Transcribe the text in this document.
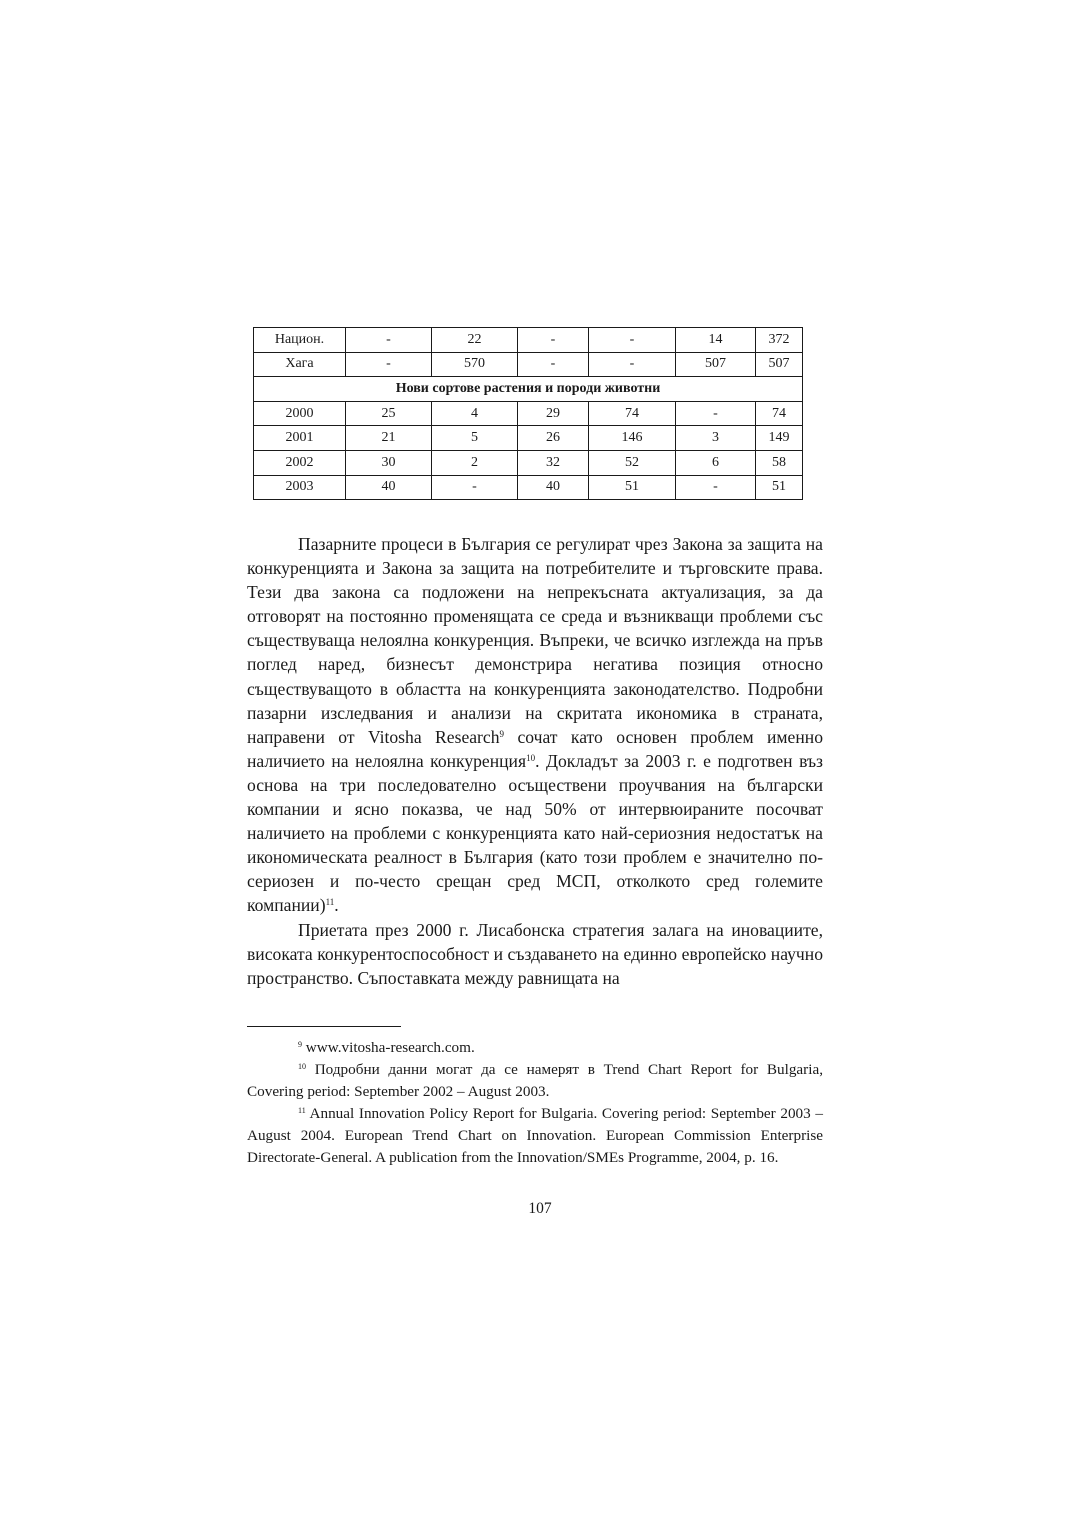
Национ.	-	22	-	-	14	372
Хага	-	570	-	-	507	507
Нови сортове растения и породи животни						
2000	25	4	29	74	-	74
2001	21	5	26	146	3	149
2002	30	2	32	52	6	58
2003	40	-	40	51	-	51

Пазарните процеси в България се регулират чрез Закона за защита на конкуренцията и Закона за защита на потребителите и търговските права. Тези два закона са подложени на непрекъсната актуализация, за да отговорят на постоянно променящата се среда и възникващи проблеми със съществуваща нелоялна конкуренция. Въпреки, че всичко изглежда на пръв поглед наред, бизнесът демонстрира негатива позиция относно съществуващото в областта на конкуренцията законодателство. Подробни пазарни изследвания и анализи на скритата икономика в страната, направени от Vitosha Research$^9$ сочат като основен проблем именно наличието на нелоялна конкуренция$^{10}$. Докладът за 2003 г. е подготвен въз основа на три последователно осъществени проучвания на български компании и ясно показва, че над 50% от интервюираните посочват наличието на проблеми с конкуренцията като най-сериозния недостатък на икономическата реалност в България (като този проблем е значително по-сериозен и по-често срещан сред МСП, отколкото сред големите компании)$^{11}$.

Приетата през 2000 г. Лисабонска стратегия залага на иновациите, високата конкурентоспособност и създаването на единно европейско научно пространство. Съпоставката между равнищата на

$^9$ www.vitosha-research.com.

$^{10}$ Подробни данни могат да се намерят в Trend Chart Report for Bulgaria, Covering period: September 2002 – August 2003.

$^{11}$ Annual Innovation Policy Report for Bulgaria. Covering period: September 2003 – August 2004. European Trend Chart on Innovation. European Commission Enterprise Directorate-General. A publication from the Innovation/SMEs Programme, 2004, p. 16.

107
